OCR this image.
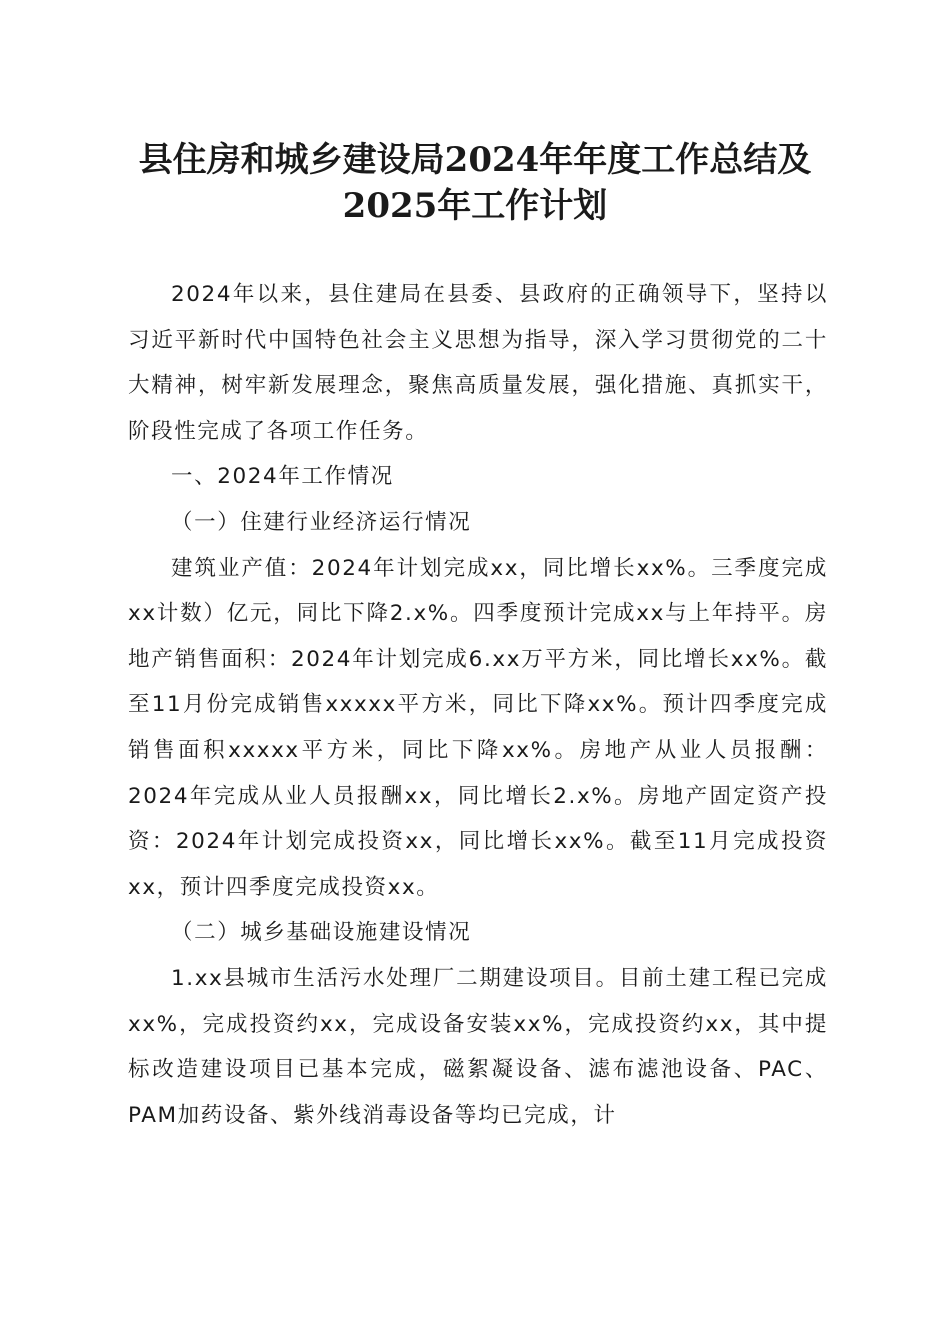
县住房和城乡建设局2024年年度工作总结及
2025年工作计划

2024年以来，县住建局在县委、县政府的正确领导下，坚持以习近平新时代中国特色社会主义思想为指导，深入学习贯彻党的二十大精神，树牢新发展理念，聚焦高质量发展，强化措施、真抓实干，阶段性完成了各项工作任务。

一、2024年工作情况

（一）住建行业经济运行情况

建筑业产值：2024年计划完成xx，同比增长xx%。三季度完成xx计数）亿元，同比下降2.x%。四季度预计完成xx与上年持平。房地产销售面积：2024年计划完成6.xx万平方米，同比增长xx%。截至11月份完成销售xxxxx平方米，同比下降xx%。预计四季度完成销售面积xxxxx平方米，同比下降xx%。房地产从业人员报酬：2024年完成从业人员报酬xx，同比增长2.x%。房地产固定资产投资：2024年计划完成投资xx，同比增长xx%。截至11月完成投资xx，预计四季度完成投资xx。

（二）城乡基础设施建设情况

1.xx县城市生活污水处理厂二期建设项目。目前土建工程已完成xx%，完成投资约xx，完成设备安装xx%，完成投资约xx，其中提标改造建设项目已基本完成，磁絮凝设备、滤布滤池设备、PAC、PAM加药设备、紫外线消毒设备等均已完成，计
